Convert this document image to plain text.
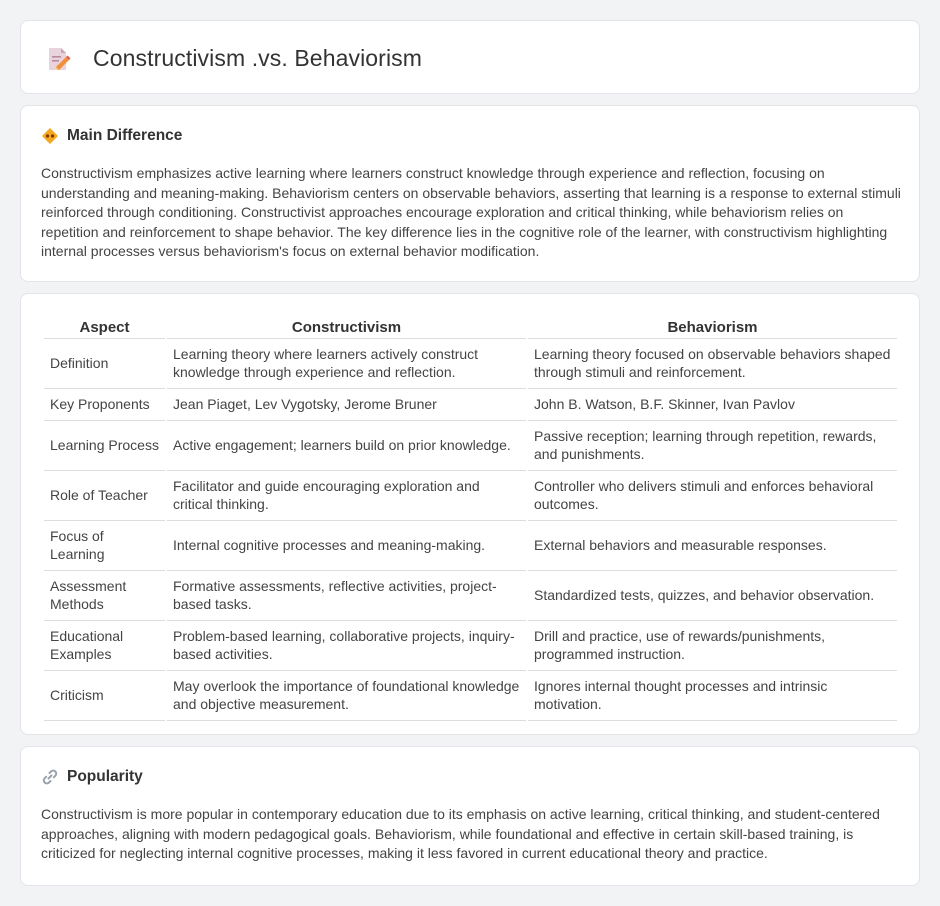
Constructivism .vs. Behaviorism
Main Difference

Constructivism emphasizes active learning where learners construct knowledge through experience and reflection, focusing on understanding and meaning-making. Behaviorism centers on observable behaviors, asserting that learning is a response to external stimuli reinforced through conditioning. Constructivist approaches encourage exploration and critical thinking, while behaviorism relies on repetition and reinforcement to shape behavior. The key difference lies in the cognitive role of the learner, with constructivism highlighting internal processes versus behaviorism's focus on external behavior modification.

Aspect	Constructivism	Behaviorism
Definition	Learning theory where learners actively construct knowledge through experience and reflection.	Learning theory focused on observable behaviors shaped through stimuli and reinforcement.
Key Proponents	Jean Piaget, Lev Vygotsky, Jerome Bruner	John B. Watson, B.F. Skinner, Ivan Pavlov
Learning Process	Active engagement; learners build on prior knowledge.	Passive reception; learning through repetition, rewards, and punishments.
Role of Teacher	Facilitator and guide encouraging exploration and critical thinking.	Controller who delivers stimuli and enforces behavioral outcomes.
Focus of Learning	Internal cognitive processes and meaning-making.	External behaviors and measurable responses.
Assessment Methods	Formative assessments, reflective activities, project-based tasks.	Standardized tests, quizzes, and behavior observation.
Educational Examples	Problem-based learning, collaborative projects, inquiry-based activities.	Drill and practice, use of rewards/punishments, programmed instruction.
Criticism	May overlook the importance of foundational knowledge and objective measurement.	Ignores internal thought processes and intrinsic motivation.
Popularity

Constructivism is more popular in contemporary education due to its emphasis on active learning, critical thinking, and student-centered approaches, aligning with modern pedagogical goals. Behaviorism, while foundational and effective in certain skill-based training, is criticized for neglecting internal cognitive processes, making it less favored in current educational theory and practice.
